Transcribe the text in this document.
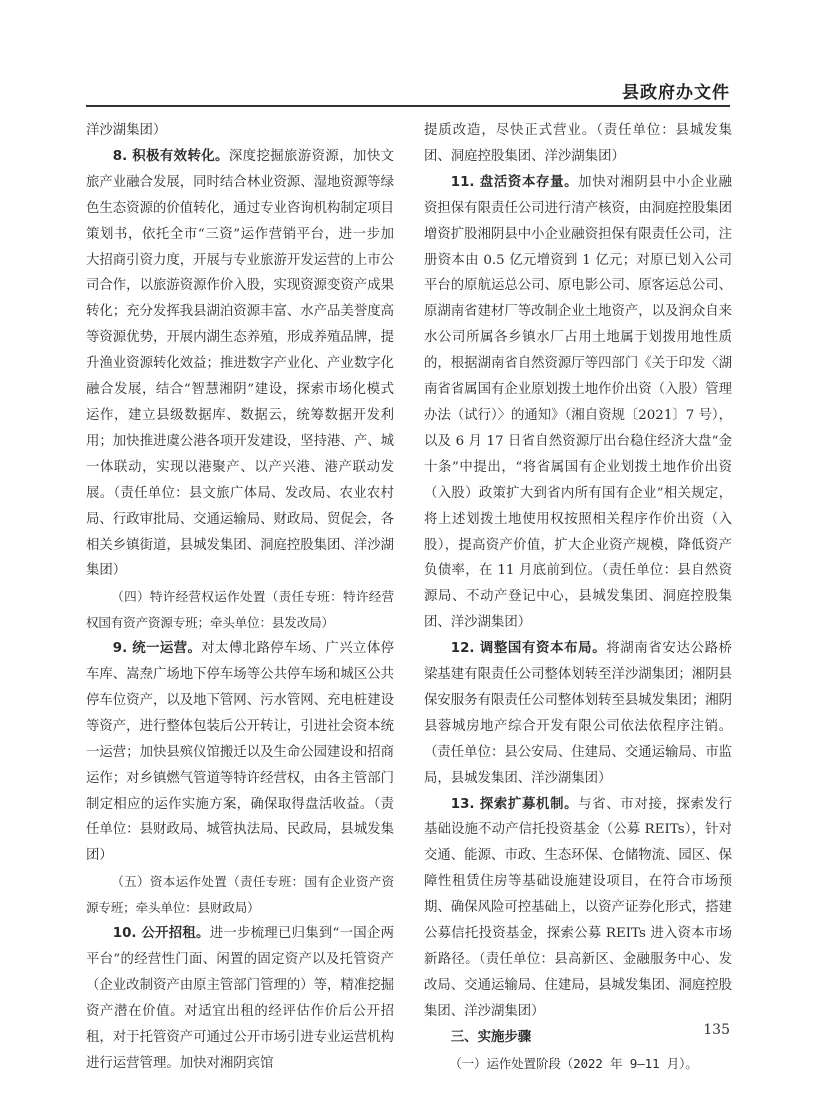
县政府办文件

洋沙湖集团）

8. 积极有效转化。深度挖掘旅游资源，加快文旅产业融合发展，同时结合林业资源、湿地资源等绿色生态资源的价值转化，通过专业咨询机构制定项目策划书，依托全市“三资”运作营销平台，进一步加大招商引资力度，开展与专业旅游开发运营的上市公司合作，以旅游资源作价入股，实现资源变资产成果转化；充分发挥我县湖泊资源丰富、水产品美誉度高等资源优势，开展内湖生态养殖，形成养殖品牌，提升渔业资源转化效益；推进数字产业化、产业数字化融合发展，结合“智慧湘阴”建设，探索市场化模式运作，建立县级数据库、数据云，统筹数据开发利用；加快推进虞公港各项开发建设，坚持港、产、城一体联动，实现以港聚产、以产兴港、港产联动发展。（责任单位：县文旅广体局、发改局、农业农村局、行政审批局、交通运输局、财政局、贸促会，各相关乡镇街道，县城发集团、洞庭控股集团、洋沙湖集团）

（四）特许经营权运作处置（责任专班：特许经营权国有资产资源专班；牵头单位：县发改局）

9. 统一运营。对太傅北路停车场、广兴立体停车库、嵩焘广场地下停车场等公共停车场和城区公共停车位资产，以及地下管网、污水管网、充电桩建设等资产，进行整体包装后公开转让，引进社会资本统一运营；加快县殡仪馆搬迁以及生命公园建设和招商运作；对乡镇燃气管道等特许经营权，由各主管部门制定相应的运作实施方案，确保取得盘活收益。（责任单位：县财政局、城管执法局、民政局，县城发集团）

（五）资本运作处置（责任专班：国有企业资产资源专班；牵头单位：县财政局）

10. 公开招租。进一步梳理已归集到“一国企两平台”的经营性门面、闲置的固定资产以及托管资产（企业改制资产由原主管部门管理的）等，精准挖掘资产潜在价值。对适宜出租的经评估作价后公开招租，对于托管资产可通过公开市场引进专业运营机构进行运营管理。加快对湘阴宾馆

提质改造，尽快正式营业。（责任单位：县城发集团、洞庭控股集团、洋沙湖集团）

11. 盘活资本存量。加快对湘阴县中小企业融资担保有限责任公司进行清产核资，由洞庭控股集团增资扩股湘阴县中小企业融资担保有限责任公司，注册资本由 0.5 亿元增资到 1 亿元；对原已划入公司平台的原航运总公司、原电影公司、原客运总公司、原湖南省建材厂等改制企业土地资产，以及润众自来水公司所属各乡镇水厂占用土地属于划拨用地性质的，根据湖南省自然资源厅等四部门《关于印发〈湖南省省属国有企业原划拨土地作价出资（入股）管理办法（试行）〉的通知》（湘自资规〔2021〕7 号），以及 6 月 17 日省自然资源厅出台稳住经济大盘“金十条”中提出，“将省属国有企业划拨土地作价出资（入股）政策扩大到省内所有国有企业”相关规定，将上述划拨土地使用权按照相关程序作价出资（入股），提高资产价值，扩大企业资产规模，降低资产负债率，在 11 月底前到位。（责任单位：县自然资源局、不动产登记中心，县城发集团、洞庭控股集团、洋沙湖集团）

12. 调整国有资本布局。将湖南省安达公路桥梁基建有限责任公司整体划转至洋沙湖集团；湘阴县保安服务有限责任公司整体划转至县城发集团；湘阴县蓉城房地产综合开发有限公司依法依程序注销。（责任单位：县公安局、住建局、交通运输局、市监局，县城发集团、洋沙湖集团）

13. 探索扩募机制。与省、市对接，探索发行基础设施不动产信托投资基金（公募 REITs），针对交通、能源、市政、生态环保、仓储物流、园区、保障性租赁住房等基础设施建设项目，在符合市场预期、确保风险可控基础上，以资产证券化形式，搭建公募信托投资基金，探索公募 REITs 进入资本市场新路径。（责任单位：县高新区、金融服务中心、发改局、交通运输局、住建局，县城发集团、洞庭控股集团、洋沙湖集团）

三、实施步骤

（一）运作处置阶段（2022 年 9—11 月）。

135
